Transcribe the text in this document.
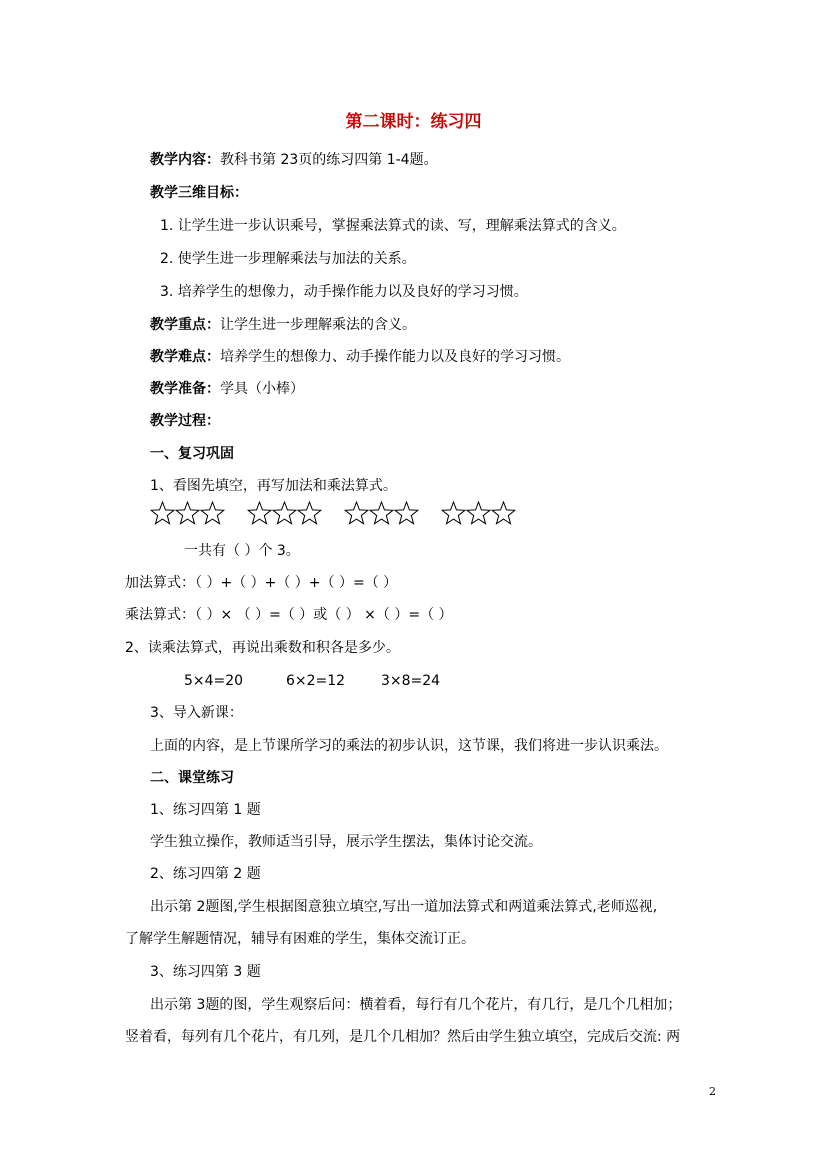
第二课时：练习四
教学内容：教科书第 23页的练习四第 1-4题。
教学三维目标：
1. 让学生进一步认识乘号，掌握乘法算式的读、写，理解乘法算式的含义。
2. 使学生进一步理解乘法与加法的关系。
3. 培养学生的想像力，动手操作能力以及良好的学习习惯。
教学重点：让学生进一步理解乘法的含义。
教学难点：培养学生的想像力、动手操作能力以及良好的学习习惯。
教学准备：学具（小棒）
教学过程：
一、复习巩固
1、看图先填空，再写加法和乘法算式。
一共有（ ）个 3。
加法算式：（ ）+（ ）+（ ）+（ ）=（ ）
乘法算式：（ ）× （ ）=（ ）或（ ） ×（ ）=（ ）
2、读乘法算式，再说出乘数和积各是多少。
5×4=20	6×2=12	3×8=24
3、导入新课：
上面的内容，是上节课所学习的乘法的初步认识，这节课，我们将进一步认识乘法。
二、课堂练习
1、练习四第 1 题
学生独立操作，教师适当引导，展示学生摆法，集体讨论交流。
2、练习四第 2 题
出示第 2题图,学生根据图意独立填空,写出一道加法算式和两道乘法算式,老师巡视,
了解学生解题情况，辅导有困难的学生，集体交流订正。
3、练习四第 3 题
出示第 3题的图，学生观察后问：横着看，每行有几个花片，有几行，是几个几相加；
竖着看，每列有几个花片，有几列，是几个几相加？然后由学生独立填空，完成后交流: 两
2
